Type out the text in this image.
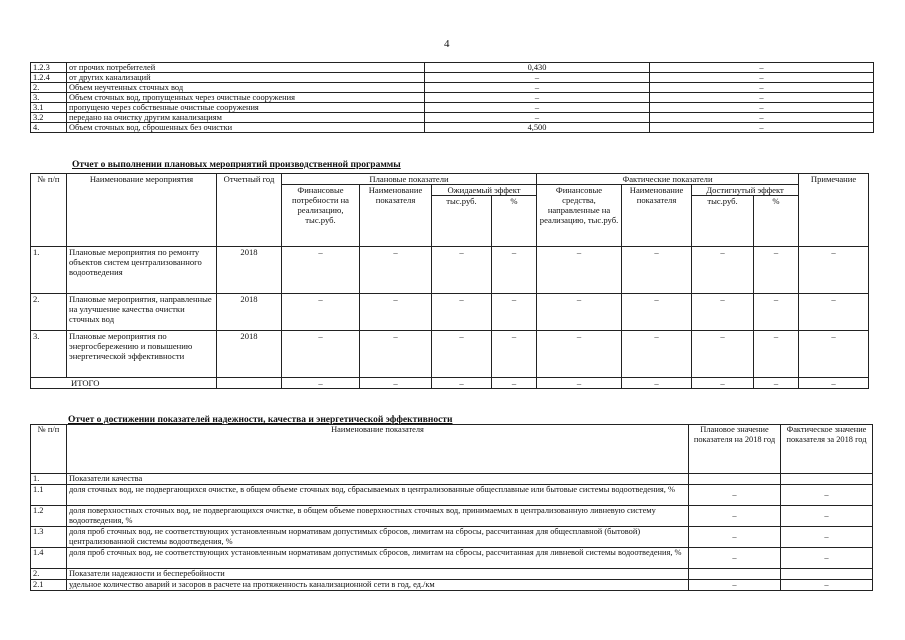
4
1.2.3	от прочих потребителей	0,430	–
1.2.4	от других канализаций	–	–
2.	Объем неучтенных сточных вод	–	–
3.	Объем сточных вод, пропущенных через очистные сооружения	–	–
3.1	пропущено через собственные очистные сооружения	–	–
3.2	передано на очистку другим канализациям	–	–
4.	Объем сточных вод, сброшенных без очистки	4,500	–
Отчет о выполнении плановых мероприятий производственной программы
№ п/п	Наименование мероприятия	Отчетный год	Плановые показатели				Фактические показатели				Примечание
			Финансовые потребности на реализацию, тыс.руб.	Наименование показателя	Ожидаемый эффект		Финансовые средства, направленные на реализацию, тыс.руб.	Наименование показателя	Достигнутый эффект		
					тыс.руб.	%			тыс.руб.	%	
1.	Плановые мероприятия по ремонту объектов систем централизованного водоотведения	2018	–	–	–	–	–	–	–	–	–
2.	Плановые мероприятия, направленные на улучшение качества очистки сточных вод	2018	–	–	–	–	–	–	–	–	–
3.	Плановые мероприятия по энергосбережению и повышению энергетической эффективности	2018	–	–	–	–	–	–	–	–	–
ИТОГО			–	–	–	–	–	–	–	–	–
Отчет о достижении показателей надежности, качества и энергетической эффективности
№ п/п	Наименование показателя	Плановое значение показателя на 2018 год	Фактическое значение показателя за 2018 год
1.	Показатели качества		
1.1	доля сточных вод, не подвергающихся очистке, в общем объеме сточных вод, сбрасываемых в централизованные общесплавные или бытовые системы водоотведения, %	–	–
1.2	доля поверхностных сточных вод, не подвергающихся очистке, в общем объеме поверхностных сточных вод, принимаемых в централизованную ливневую систему водоотведения, %	–	–
1.3	доля проб сточных вод, не соответствующих установленным нормативам допустимых сбросов, лимитам на сбросы, рассчитанная для общесплавной (бытовой) централизованной системы водоотведения, %	–	–
1.4	доля проб сточных вод, не соответствующих установленным нормативам допустимых сбросов, лимитам на сбросы, рассчитанная для ливневой системы водоотведения, %	–	–
2.	Показатели надежности и бесперебойности		
2.1	удельное количество аварий и засоров в расчете на протяженность канализационной сети в год, ед./км	–	–
